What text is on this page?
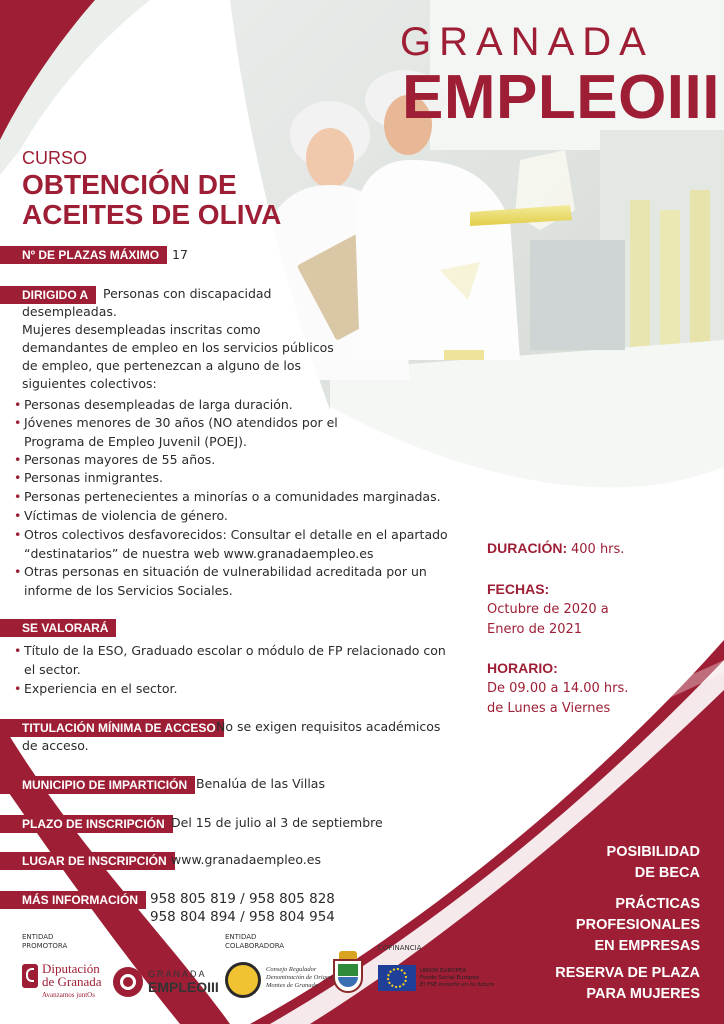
GRANADA
EMPLEOIII
CURSO
OBTENCIÓN DE
ACEITES DE OLIVA
Nº DE PLAZAS MÁXIMO	17
DIRIGIDO A	Personas con discapacidad
desempleadas.
Mujeres desempleadas inscritas como
demandantes de empleo en los servicios públicos
de empleo, que pertenezcan a alguno de los
siguientes colectivos:
• Personas desempleadas de larga duración.
• Jóvenes menores de 30 años (NO atendidos por el
Programa de Empleo Juvenil (POEJ).
• Personas mayores de 55 años.
• Personas inmigrantes.
• Personas pertenecientes a minorías o a comunidades marginadas.
• Víctimas de violencia de género.
• Otros colectivos desfavorecidos: Consultar el detalle en el apartado
“destinatarios” de nuestra web www.granadaempleo.es
• Otras personas en situación de vulnerabilidad acreditada por un
informe de los Servicios Sociales.
SE VALORARÁ
• Título de la ESO, Graduado escolar o módulo de FP relacionado con
el sector.
• Experiencia en el sector.
TITULACIÓN MÍNIMA DE ACCESO No se exigen requisitos académicos
de acceso.
MUNICIPIO DE IMPARTICIÓN Benalúa de las Villas
PLAZO DE INSCRIPCIÓN Del 15 de julio al 3 de septiembre
LUGAR DE INSCRIPCIÓN www.granadaempleo.es
MÁS INFORMACIÓN 958 805 819 / 958 805 828
958 804 894 / 958 804 954
DURACIÓN: 400 hrs.
FECHAS:
Octubre de 2020 a
Enero de 2021
HORARIO:
De 09.00 a 14.00 hrs.
de Lunes a Viernes
POSIBILIDAD
DE BECA
PRÁCTICAS
PROFESIONALES
EN EMPRESAS
RESERVA DE PLAZA
PARA MUJERES
ENTIDAD
PROMOTORA
Diputación
de Granada
Avanzamos juntOs
GRANADA
EMPLEOIII
ENTIDAD
COLABORADORA
Consejo Regulador
Denominación de Origen
Montes de Granada
COFINANCIA
UNIÓN EUROPEA
Fondo Social Europeo
El FSE invierte en tu futuro
